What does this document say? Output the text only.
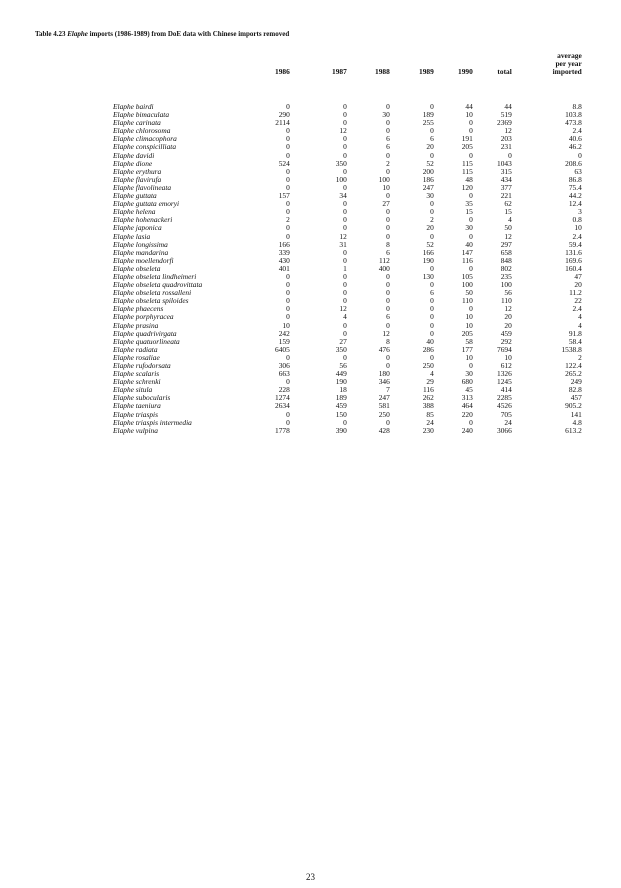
Table 4.23 Elaphe imports (1986-1989) from DoE data with Chinese imports removed
	1986	1987	1988	1989	1990	total	average
per year
imported

Elaphe bairdi	0	0	0	0	44	44	8.8
Elaphe bimaculata	290	0	30	189	10	519	103.8
Elaphe carinata	2114	0	0	255	0	2369	473.8
Elaphe chlorosoma	0	12	0	0	0	12	2.4
Elaphe climacophora	0	0	6	6	191	203	40.6
Elaphe conspicilliata	0	0	6	20	205	231	46.2
Elaphe davidi	0	0	0	0	0	0	0
Elaphe dione	524	350	2	52	115	1043	208.6
Elaphe erythura	0	0	0	200	115	315	63
Elaphe flavirufa	0	100	100	186	48	434	86.8
Elaphe flavolineata	0	0	10	247	120	377	75.4
Elaphe guttata	157	34	0	30	0	221	44.2
Elaphe guttata emoryi	0	0	27	0	35	62	12.4
Elaphe helena	0	0	0	0	15	15	3
Elaphe hohenackeri	2	0	0	2	0	4	0.8
Elaphe japonica	0	0	0	20	30	50	10
Elaphe lasia	0	12	0	0	0	12	2.4
Elaphe longissima	166	31	8	52	40	297	59.4
Elaphe mandarina	339	0	6	166	147	658	131.6
Elaphe moellendorfi	430	0	112	190	116	848	169.6
Elaphe obseleta	401	1	400	0	0	802	160.4
Elaphe obseleta lindheimeri	0	0	0	130	105	235	47
Elaphe obseleta quadrovittata	0	0	0	0	100	100	20
Elaphe obseleta rossalleni	0	0	0	6	50	56	11.2
Elaphe obseleta spiloides	0	0	0	0	110	110	22
Elaphe phaecens	0	12	0	0	0	12	2.4
Elaphe porphyracea	0	4	6	0	10	20	4
Elaphe prasina	10	0	0	0	10	20	4
Elaphe quadrivirgata	242	0	12	0	205	459	91.8
Elaphe quatuorlineata	159	27	8	40	58	292	58.4
Elaphe radiata	6405	350	476	286	177	7694	1538.8
Elaphe rosaliae	0	0	0	0	10	10	2
Elaphe rufodorsata	306	56	0	250	0	612	122.4
Elaphe scalaris	663	449	180	4	30	1326	265.2
Elaphe schrenki	0	190	346	29	680	1245	249
Elaphe situla	228	18	7	116	45	414	82.8
Elaphe subocularis	1274	189	247	262	313	2285	457
Elaphe taeniura	2634	459	581	388	464	4526	905.2
Elaphe triaspis	0	150	250	85	220	705	141
Elaphe triaspis intermedia	0	0	0	24	0	24	4.8
Elaphe vulpina	1778	390	428	230	240	3066	613.2
23
